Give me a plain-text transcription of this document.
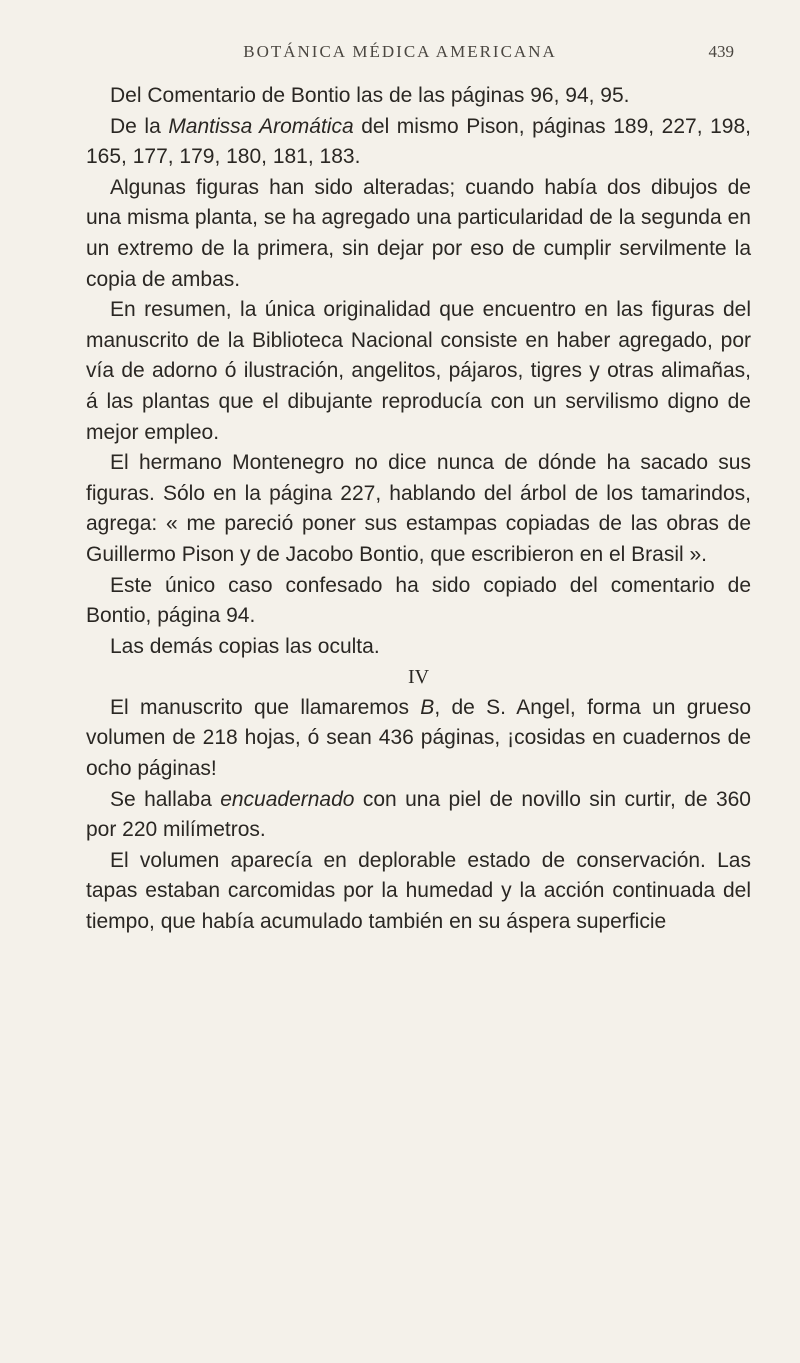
BOTÁNICA MÉDICA AMERICANA	439

Del Comentario de Bontio las de las páginas 96, 94, 95.

De la Mantissa Aromática del mismo Pison, páginas 189, 227, 198, 165, 177, 179, 180, 181, 183.

Algunas figuras han sido alteradas; cuando había dos dibujos de una misma planta, se ha agregado una particularidad de la segunda en un extremo de la primera, sin dejar por eso de cumplir servilmente la copia de ambas.

En resumen, la única originalidad que encuentro en las figuras del manuscrito de la Biblioteca Nacional consiste en haber agregado, por vía de adorno ó ilustración, angelitos, pájaros, tigres y otras alimañas, á las plantas que el dibujante reproducía con un servilismo digno de mejor empleo.

El hermano Montenegro no dice nunca de dónde ha sacado sus figuras. Sólo en la página 227, hablando del árbol de los tamarindos, agrega: « me pareció poner sus estampas copiadas de las obras de Guillermo Pison y de Jacobo Bontio, que escribieron en el Brasil ».

Este único caso confesado ha sido copiado del comentario de Bontio, página 94.

Las demás copias las oculta.

IV

El manuscrito que llamaremos B, de S. Angel, forma un grueso volumen de 218 hojas, ó sean 436 páginas, ¡cosidas en cuadernos de ocho páginas!

Se hallaba encuadernado con una piel de novillo sin curtir, de 360 por 220 milímetros.

El volumen aparecía en deplorable estado de conservación. Las tapas estaban carcomidas por la humedad y la acción continuada del tiempo, que había acumulado también en su áspera superficie
